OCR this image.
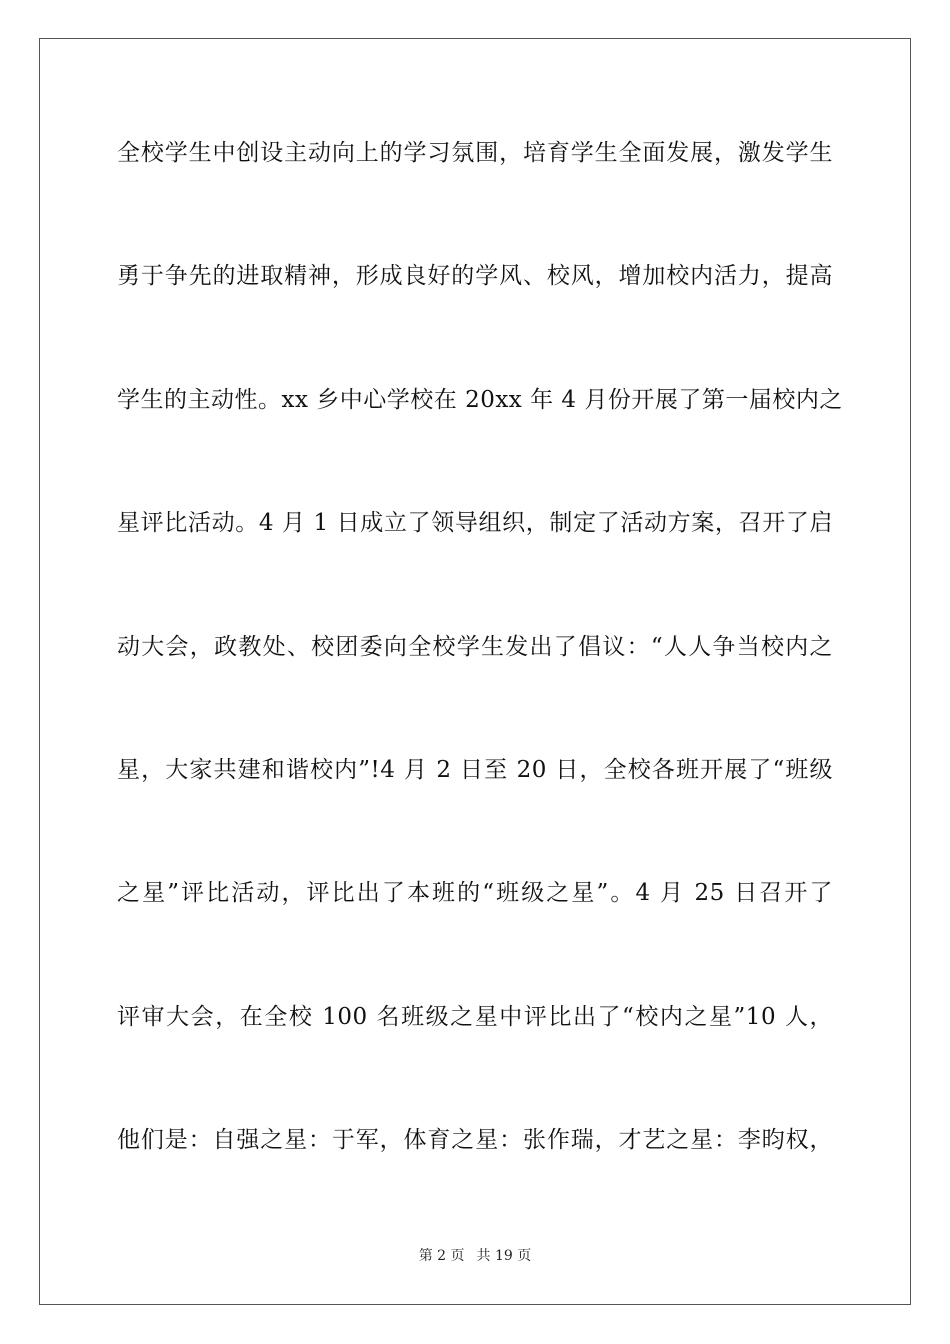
全校学生中创设主动向上的学习氛围，培育学生全面发展，激发学生
勇于争先的进取精神，形成良好的学风、校风，增加校内活力，提高
学生的主动性。xx 乡中心学校在 20xx 年 4 月份开展了第一届校内之
星评比活动。4 月 1 日成立了领导组织，制定了活动方案，召开了启
动大会，政教处、校团委向全校学生发出了倡议：“人人争当校内之
星，大家共建和谐校内”!4 月 2 日至 20 日，全校各班开展了“班级
之星”评比活动，评比出了本班的“班级之星”。4 月 25 日召开了
评审大会，在全校 100 名班级之星中评比出了“校内之星”10 人，
他们是：自强之星：于军，体育之星：张作瑞，才艺之星：李昀权，
第 2 页 共 19 页
